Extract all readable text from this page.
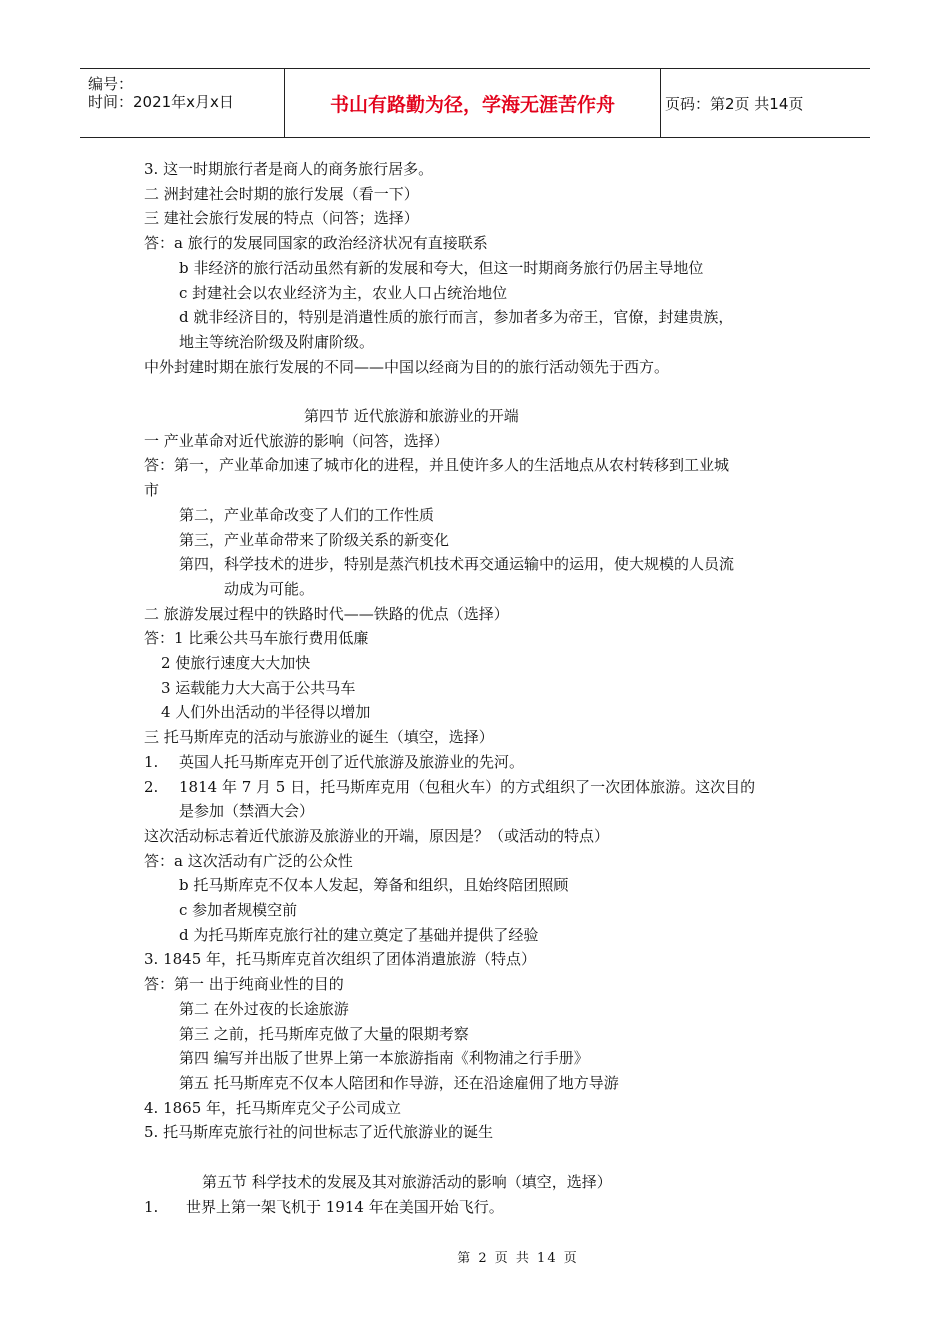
编号：
时间：2021年x月x日	书山有路勤为径，学海无涯苦作舟	页码：第2页 共14页
3. 这一时期旅行者是商人的商务旅行居多。
二 洲封建社会时期的旅行发展（看一下）
三 建社会旅行发展的特点（问答；选择）
答：a 旅行的发展同国家的政治经济状况有直接联系
b 非经济的旅行活动虽然有新的发展和夸大，但这一时期商务旅行仍居主导地位
c 封建社会以农业经济为主，农业人口占统治地位
d 就非经济目的，特别是消遣性质的旅行而言，参加者多为帝王，官僚，封建贵族，
地主等统治阶级及附庸阶级。
中外封建时期在旅行发展的不同——中国以经商为目的的旅行活动领先于西方。
第四节 近代旅游和旅游业的开端
一 产业革命对近代旅游的影响（问答，选择）
答：第一，产业革命加速了城市化的进程，并且使许多人的生活地点从农村转移到工业城
市
第二，产业革命改变了人们的工作性质
第三，产业革命带来了阶级关系的新变化
第四，科学技术的进步，特别是蒸汽机技术再交通运输中的运用，使大规模的人员流
动成为可能。
二 旅游发展过程中的铁路时代——铁路的优点（选择）
答：1 比乘公共马车旅行费用低廉
2 使旅行速度大大加快
3 运载能力大大高于公共马车
4 人们外出活动的半径得以增加
三 托马斯库克的活动与旅游业的诞生（填空，选择）
1.	英国人托马斯库克开创了近代旅游及旅游业的先河。
2.	1814 年 7 月 5 日，托马斯库克用（包租火车）的方式组织了一次团体旅游。这次目的
是参加（禁酒大会）
这次活动标志着近代旅游及旅游业的开端，原因是？（或活动的特点）
答：a 这次活动有广泛的公众性
b 托马斯库克不仅本人发起，筹备和组织，且始终陪团照顾
c 参加者规模空前
d 为托马斯库克旅行社的建立奠定了基础并提供了经验
3. 1845 年，托马斯库克首次组织了团体消遣旅游（特点）
答：第一 出于纯商业性的目的
第二 在外过夜的长途旅游
第三 之前，托马斯库克做了大量的限期考察
第四 编写并出版了世界上第一本旅游指南《利物浦之行手册》
第五 托马斯库克不仅本人陪团和作导游，还在沿途雇佣了地方导游
4. 1865 年，托马斯库克父子公司成立
5. 托马斯库克旅行社的问世标志了近代旅游业的诞生
第五节 科学技术的发展及其对旅游活动的影响（填空，选择）
1.	世界上第一架飞机于 1914 年在美国开始飞行。
第 2 页 共 14 页
